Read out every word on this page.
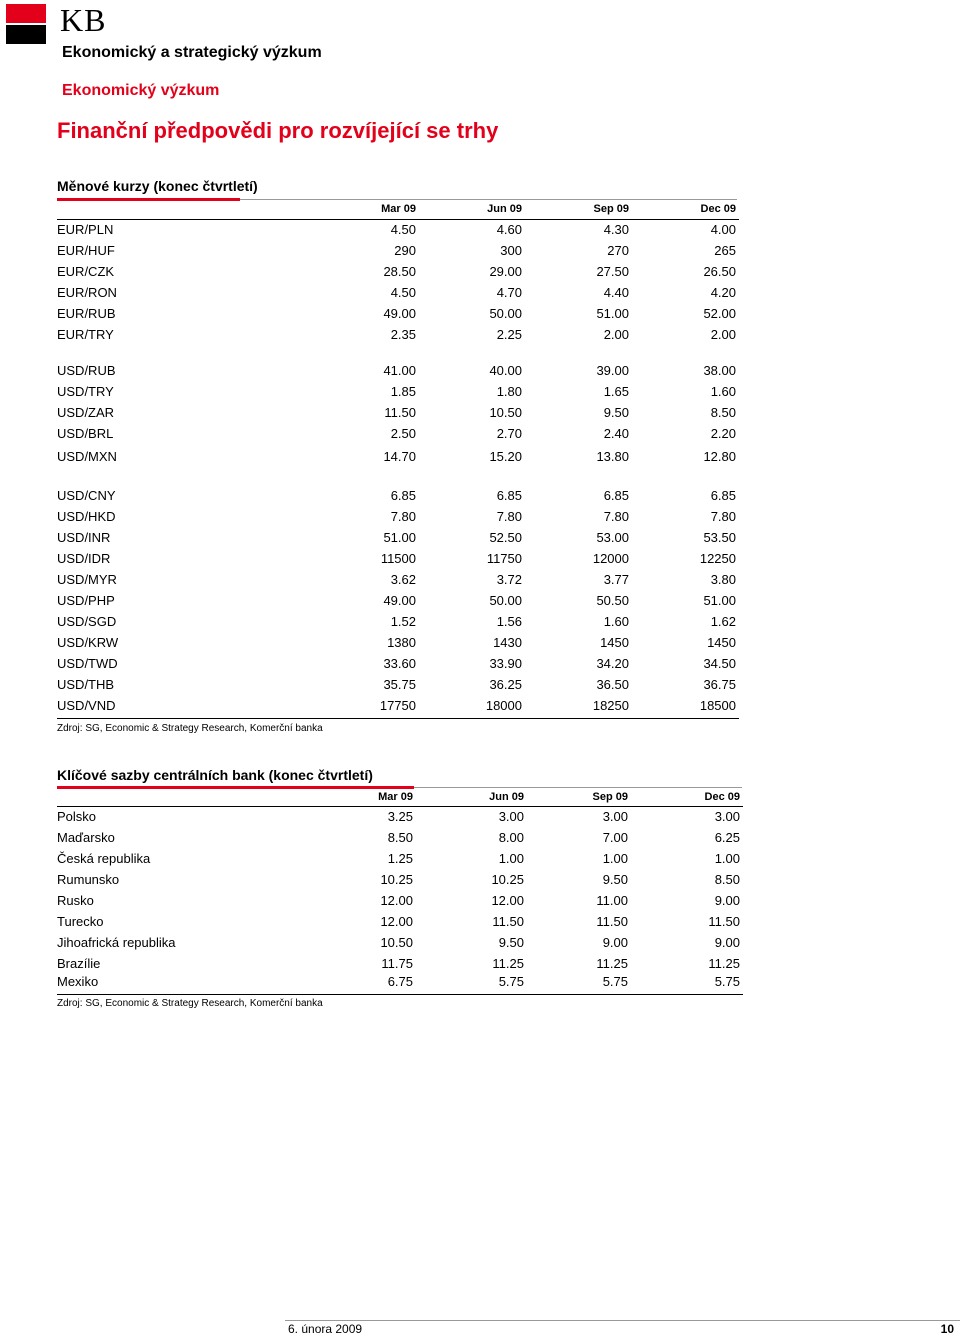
KB
Ekonomický a strategický výzkum
Ekonomický výzkum
Finanční předpovědi pro rozvíjející se trhy
Měnové kurzy (konec čtvrtletí)
Mar 09	Jun 09	Sep 09	Dec 09
EUR/PLN	4.50	4.60	4.30	4.00
EUR/HUF	290	300	270	265
EUR/CZK	28.50	29.00	27.50	26.50
EUR/RON	4.50	4.70	4.40	4.20
EUR/RUB	49.00	50.00	51.00	52.00
EUR/TRY	2.35	2.25	2.00	2.00
USD/RUB	41.00	40.00	39.00	38.00
USD/TRY	1.85	1.80	1.65	1.60
USD/ZAR	11.50	10.50	9.50	8.50
USD/BRL	2.50	2.70	2.40	2.20
USD/MXN	14.70	15.20	13.80	12.80
USD/CNY	6.85	6.85	6.85	6.85
USD/HKD	7.80	7.80	7.80	7.80
USD/INR	51.00	52.50	53.00	53.50
USD/IDR	11500	11750	12000	12250
USD/MYR	3.62	3.72	3.77	3.80
USD/PHP	49.00	50.00	50.50	51.00
USD/SGD	1.52	1.56	1.60	1.62
USD/KRW	1380	1430	1450	1450
USD/TWD	33.60	33.90	34.20	34.50
USD/THB	35.75	36.25	36.50	36.75
USD/VND	17750	18000	18250	18500
Zdroj: SG, Economic & Strategy Research, Komerční banka
Klíčové sazby centrálních bank (konec čtvrtletí)
Mar 09	Jun 09	Sep 09	Dec 09
Polsko	3.25	3.00	3.00	3.00
Maďarsko	8.50	8.00	7.00	6.25
Česká republika	1.25	1.00	1.00	1.00
Rumunsko	10.25	10.25	9.50	8.50
Rusko	12.00	12.00	11.00	9.00
Turecko	12.00	11.50	11.50	11.50
Jihoafrická republika	10.50	9.50	9.00	9.00
Brazílie	11.75	11.25	11.25	11.25
Mexiko	6.75	5.75	5.75	5.75
Zdroj: SG, Economic & Strategy Research, Komerční banka
6. února 2009	10
